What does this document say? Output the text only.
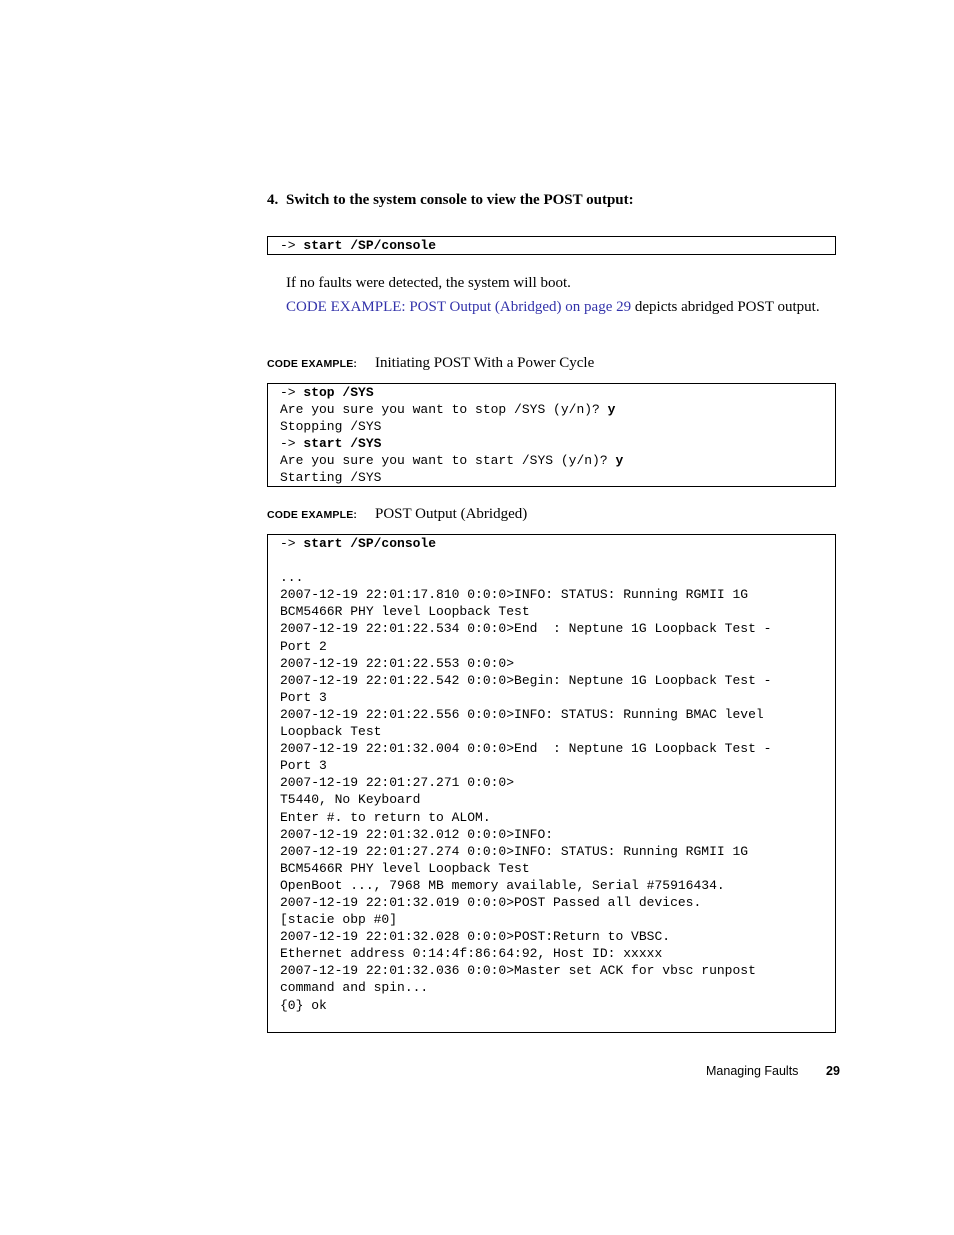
4. Switch to the system console to view the POST output:
-> start /SP/console
If no faults were detected, the system will boot.
CODE EXAMPLE: POST Output (Abridged) on page 29 depicts abridged POST output.
CODE EXAMPLE: Initiating POST With a Power Cycle
-> stop /SYS
Are you sure you want to stop /SYS (y/n)? y
Stopping /SYS
-> start /SYS
Are you sure you want to start /SYS (y/n)? y
Starting /SYS
CODE EXAMPLE: POST Output (Abridged)
-> start /SP/console

...
2007-12-19 22:01:17.810 0:0:0>INFO: STATUS: Running RGMII 1G
BCM5466R PHY level Loopback Test
2007-12-19 22:01:22.534 0:0:0>End  : Neptune 1G Loopback Test -
Port 2
2007-12-19 22:01:22.553 0:0:0>
2007-12-19 22:01:22.542 0:0:0>Begin: Neptune 1G Loopback Test -
Port 3
2007-12-19 22:01:22.556 0:0:0>INFO: STATUS: Running BMAC level
Loopback Test
2007-12-19 22:01:32.004 0:0:0>End  : Neptune 1G Loopback Test -
Port 3
2007-12-19 22:01:27.271 0:0:0>
T5440, No Keyboard
Enter #. to return to ALOM.
2007-12-19 22:01:32.012 0:0:0>INFO:
2007-12-19 22:01:27.274 0:0:0>INFO: STATUS: Running RGMII 1G
BCM5466R PHY level Loopback Test
OpenBoot ..., 7968 MB memory available, Serial #75916434.
2007-12-19 22:01:32.019 0:0:0>POST Passed all devices.
[stacie obp #0]
2007-12-19 22:01:32.028 0:0:0>POST:Return to VBSC.
Ethernet address 0:14:4f:86:64:92, Host ID: xxxxx
2007-12-19 22:01:32.036 0:0:0>Master set ACK for vbsc runpost
command and spin...
{0} ok
Managing Faults 29
